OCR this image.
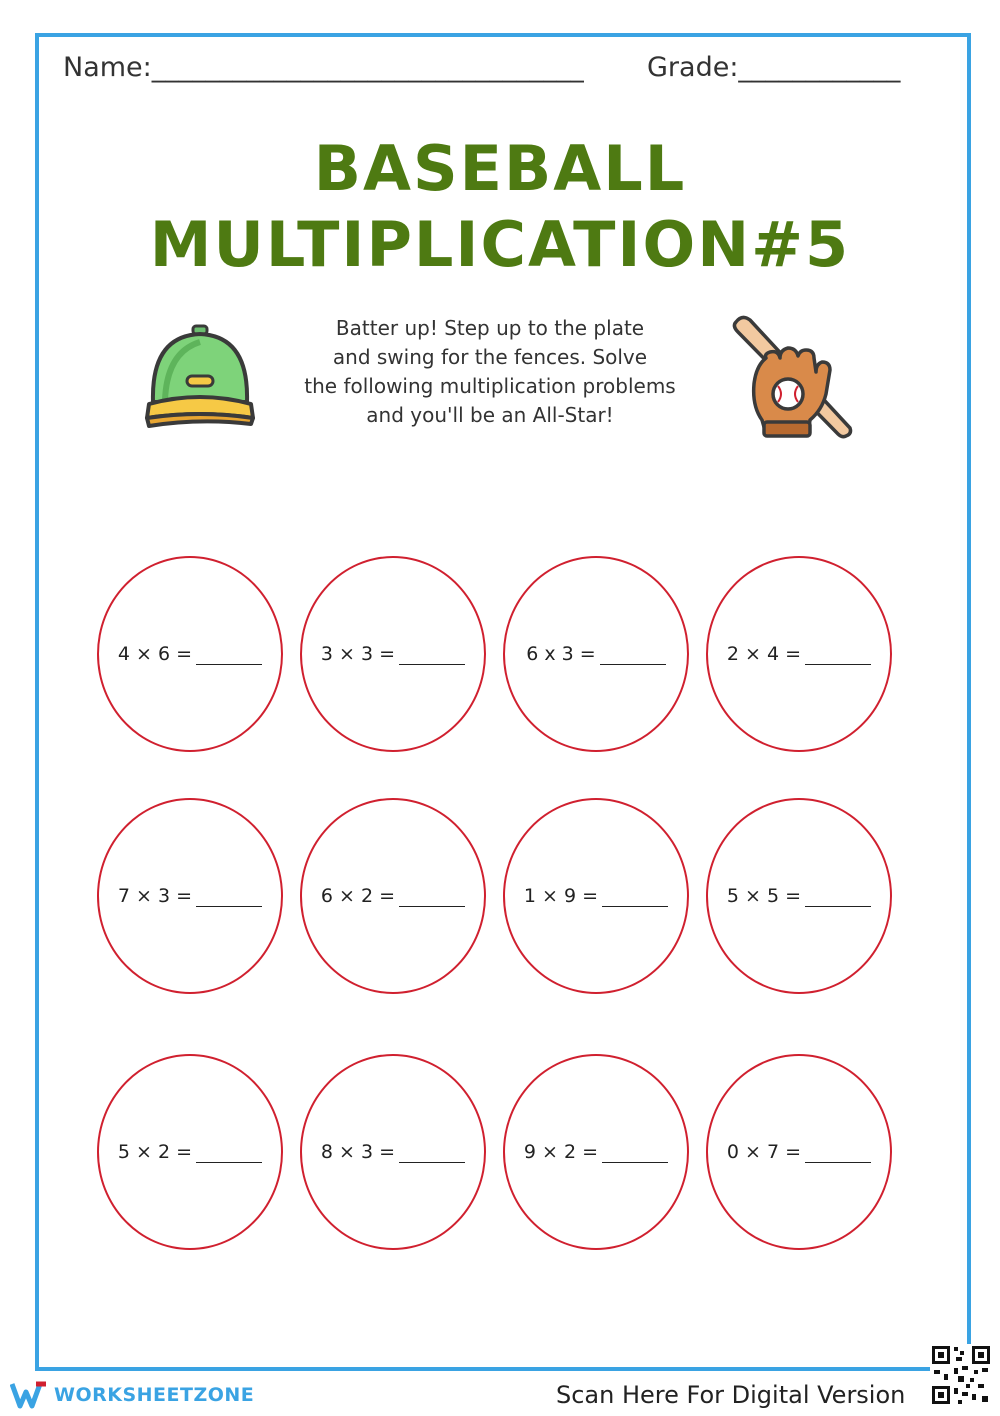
Name:________________________________ Grade:____________
BASEBALL
MULTIPLICATION#5
Batter up! Step up to the plate
and swing for the fences. Solve
the following multiplication problems
and you'll be an All-Star!
4 × 6 =	3 × 3 =	6 x 3 =	2 × 4 =
7 × 3 =	6 × 2 =	1 × 9 =	5 × 5 =
5 × 2 =	8 × 3 =	9 × 2 =	0 × 7 =
WORKSHEETZONE	Scan Here For Digital Version
